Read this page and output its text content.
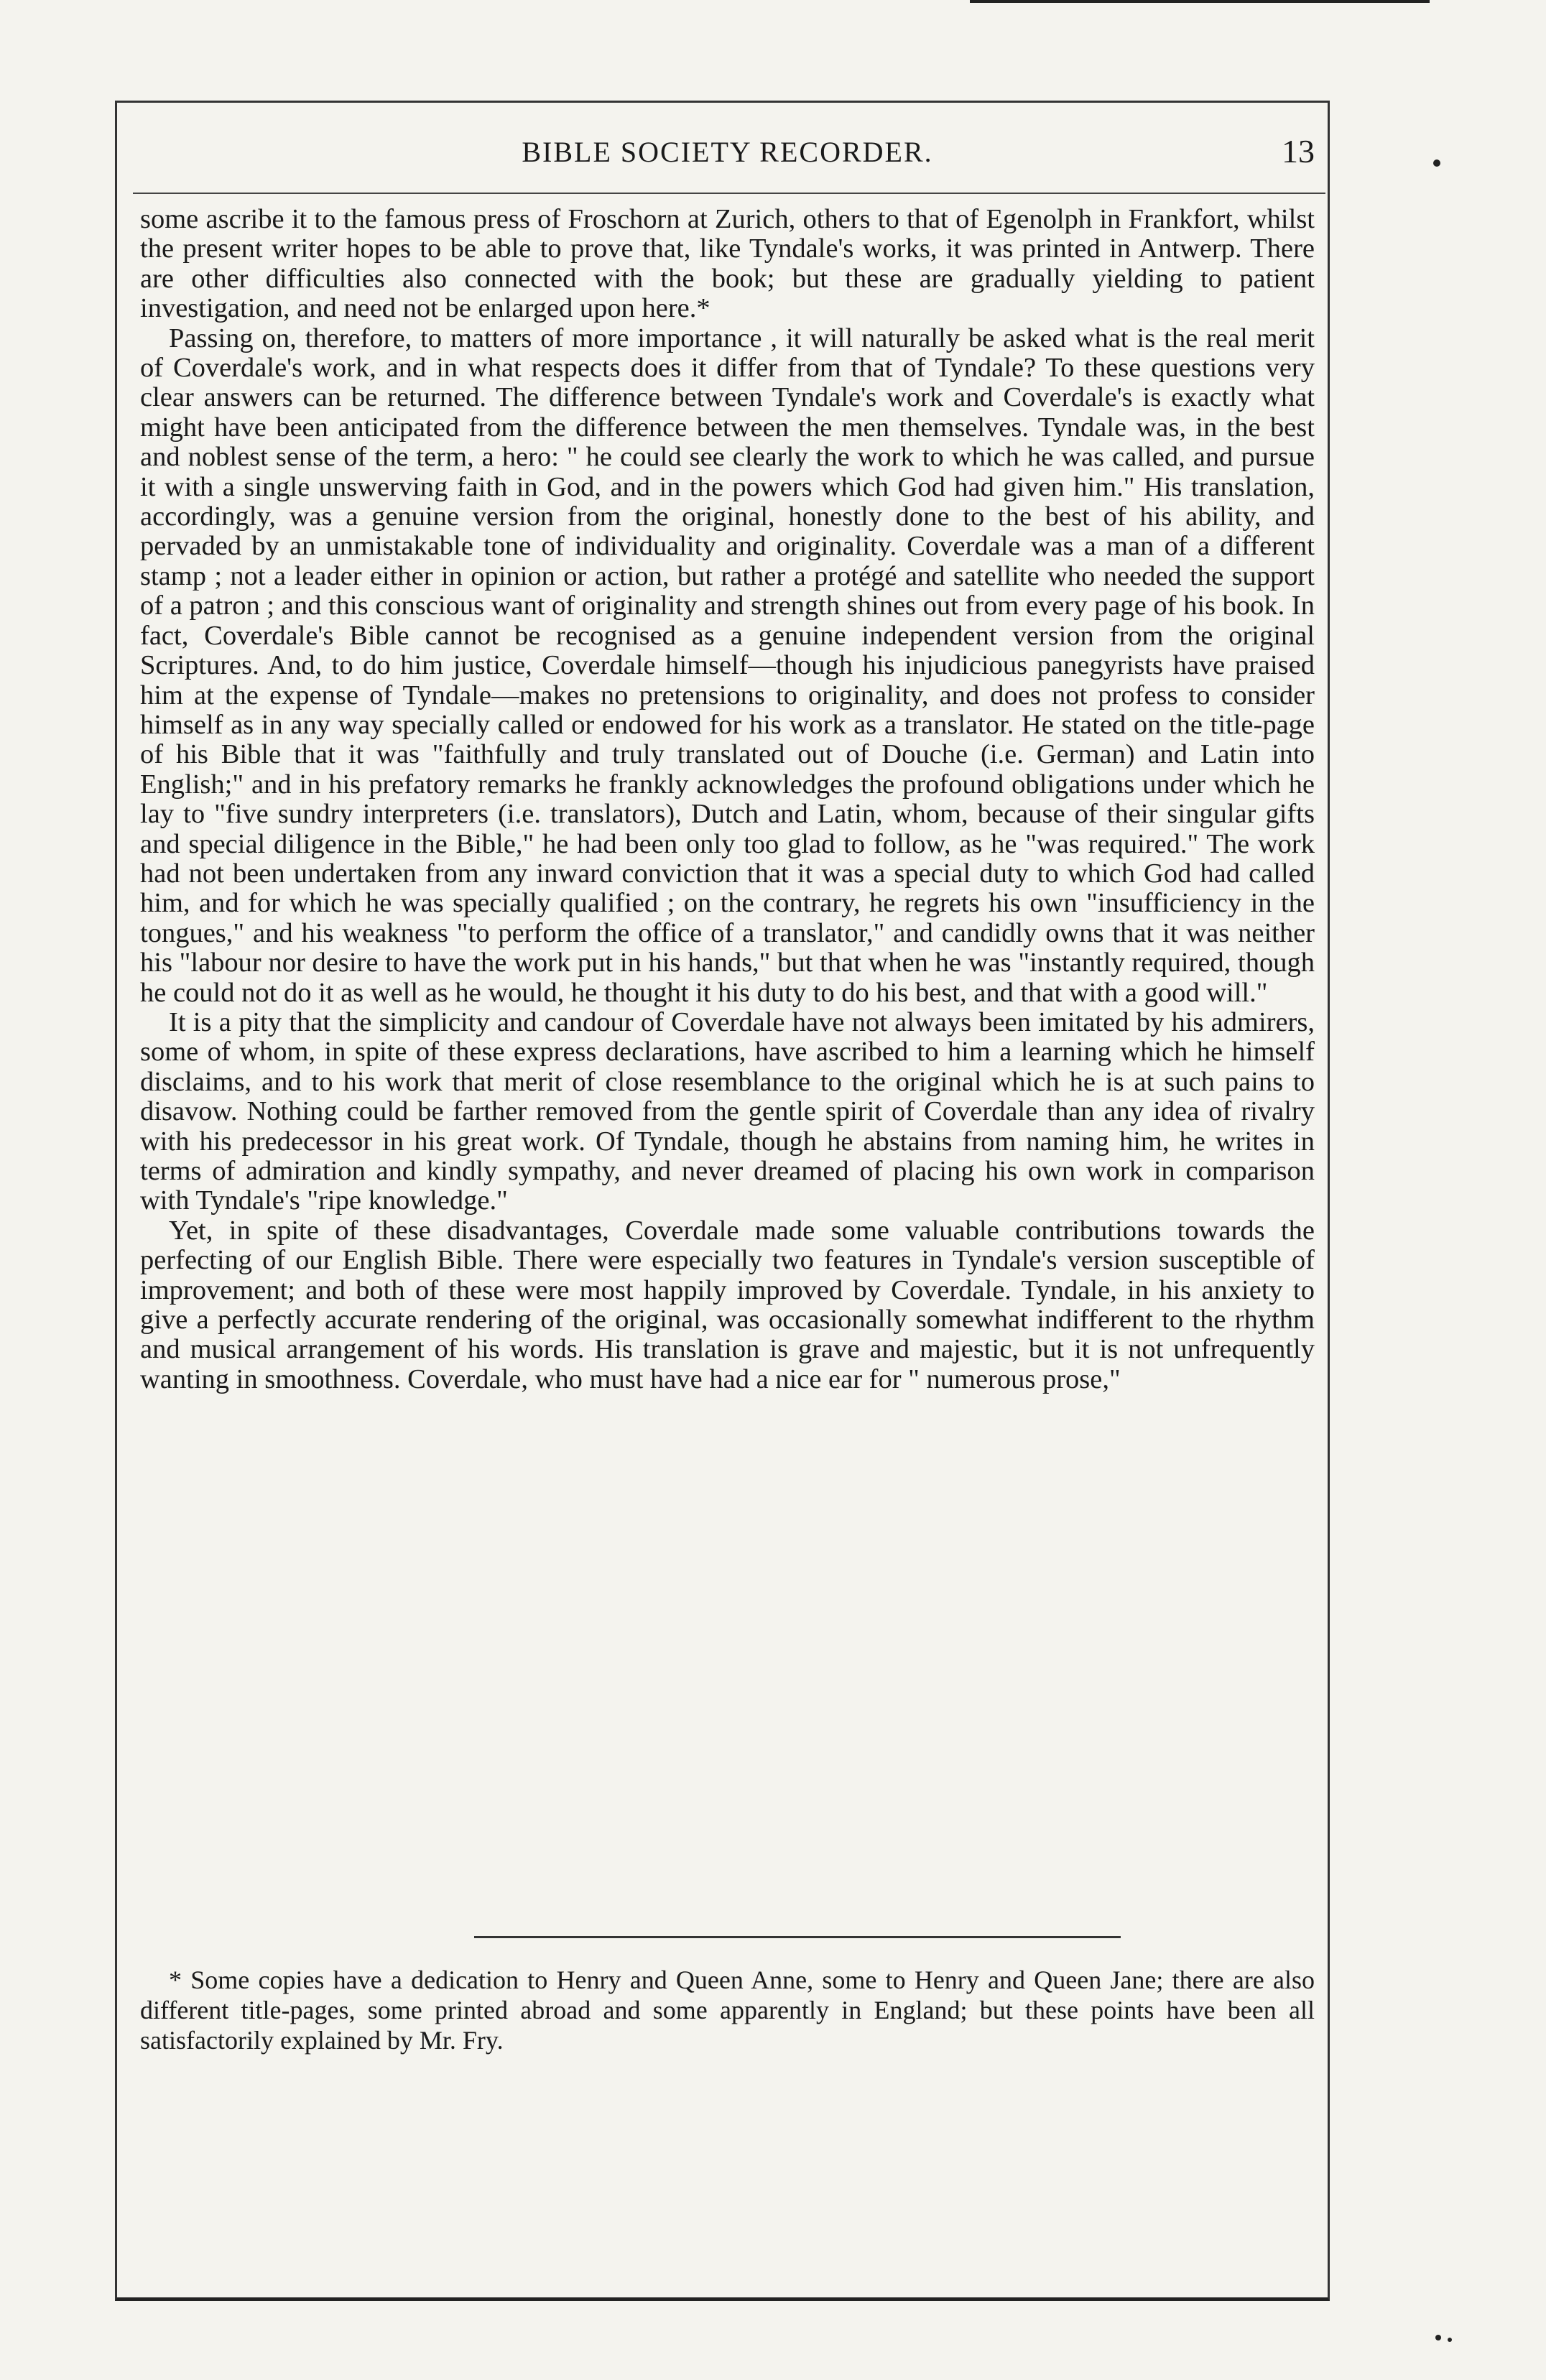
BIBLE SOCIETY RECORDER.	13

some ascribe it to the famous press of Froschorn at Zurich, others to that of Egenolph in Frankfort, whilst the present writer hopes to be able to prove that, like Tyndale's works, it was printed in Antwerp. There are other difficulties also connected with the book; but these are gradually yielding to patient investigation, and need not be enlarged upon here.*

Passing on, therefore, to matters of more importance , it will naturally be asked what is the real merit of Coverdale's work, and in what respects does it differ from that of Tyndale? To these questions very clear answers can be returned. The difference between Tyndale's work and Coverdale's is exactly what might have been anticipated from the difference between the men themselves. Tyndale was, in the best and noblest sense of the term, a hero: " he could see clearly the work to which he was called, and pursue it with a single unswerving faith in God, and in the powers which God had given him." His translation, accordingly, was a genuine version from the original, honestly done to the best of his ability, and pervaded by an unmistakable tone of individuality and originality. Coverdale was a man of a different stamp ; not a leader either in opinion or action, but rather a protégé and satellite who needed the support of a patron ; and this conscious want of originality and strength shines out from every page of his book. In fact, Coverdale's Bible cannot be recognised as a genuine independent version from the original Scriptures. And, to do him justice, Coverdale himself—though his injudicious panegyrists have praised him at the expense of Tyndale—makes no pretensions to originality, and does not profess to consider himself as in any way specially called or endowed for his work as a translator. He stated on the title-page of his Bible that it was "faithfully and truly translated out of Douche (i.e. German) and Latin into English;" and in his prefatory remarks he frankly acknowledges the profound obligations under which he lay to "five sundry interpreters (i.e. translators), Dutch and Latin, whom, because of their singular gifts and special diligence in the Bible," he had been only too glad to follow, as he "was required." The work had not been undertaken from any inward conviction that it was a special duty to which God had called him, and for which he was specially qualified ; on the contrary, he regrets his own "insufficiency in the tongues," and his weakness "to perform the office of a translator," and candidly owns that it was neither his "labour nor desire to have the work put in his hands," but that when he was "instantly required, though he could not do it as well as he would, he thought it his duty to do his best, and that with a good will."

It is a pity that the simplicity and candour of Coverdale have not always been imitated by his admirers, some of whom, in spite of these express declarations, have ascribed to him a learning which he himself disclaims, and to his work that merit of close resemblance to the original which he is at such pains to disavow. Nothing could be farther removed from the gentle spirit of Coverdale than any idea of rivalry with his predecessor in his great work. Of Tyndale, though he abstains from naming him, he writes in terms of admiration and kindly sympathy, and never dreamed of placing his own work in comparison with Tyndale's "ripe knowledge."

Yet, in spite of these disadvantages, Coverdale made some valuable contributions towards the perfecting of our English Bible. There were especially two features in Tyndale's version susceptible of improvement; and both of these were most happily improved by Coverdale. Tyndale, in his anxiety to give a perfectly accurate rendering of the original, was occasionally somewhat indifferent to the rhythm and musical arrangement of his words. His translation is grave and majestic, but it is not unfrequently wanting in smoothness. Coverdale, who must have had a nice ear for " numerous prose,"

* Some copies have a dedication to Henry and Queen Anne, some to Henry and Queen Jane; there are also different title-pages, some printed abroad and some apparently in England; but these points have been all satisfactorily explained by Mr. Fry.
